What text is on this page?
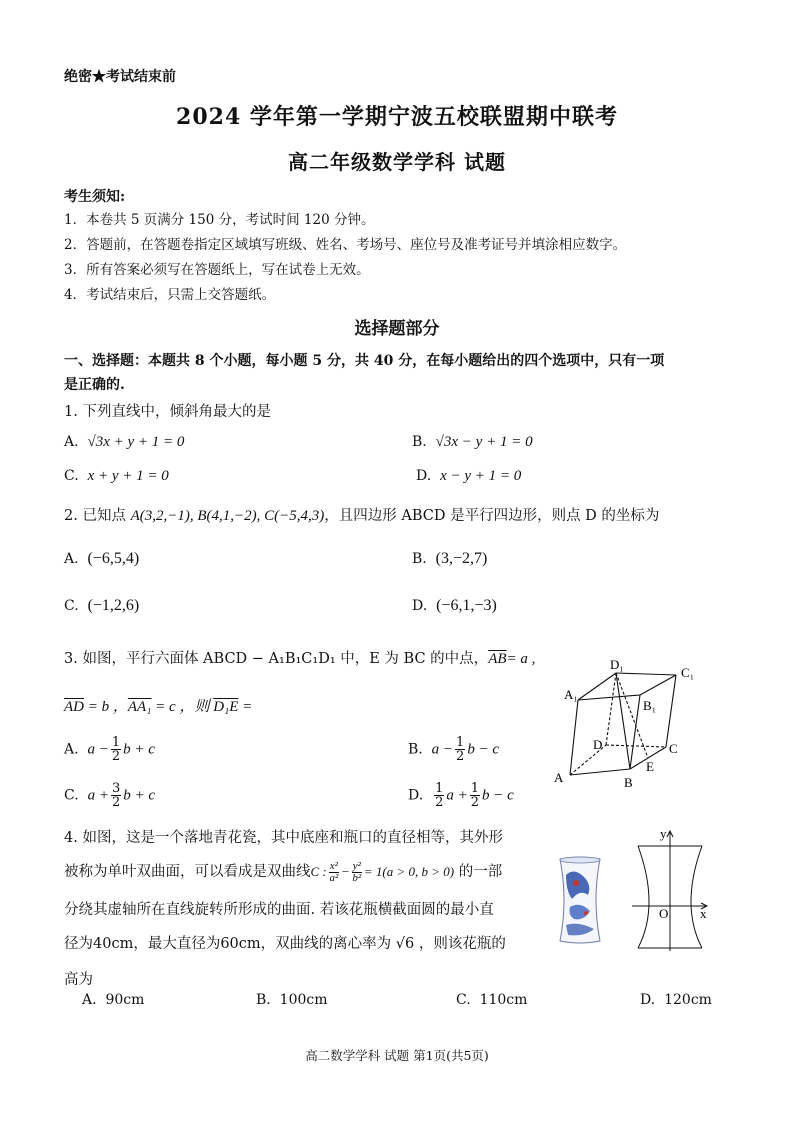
绝密★考试结束前
2024 学年第一学期宁波五校联盟期中联考
高二年级数学学科 试题
考生须知:
1．本卷共 5 页满分 150 分，考试时间 120 分钟。
2．答题前，在答题卷指定区域填写班级、姓名、考场号、座位号及准考证号并填涂相应数字。
3．所有答案必须写在答题纸上，写在试卷上无效。
4．考试结束后，只需上交答题纸。
选择题部分
一、选择题：本题共 8 个小题，每小题 5 分，共 40 分，在每小题给出的四个选项中，只有一项
是正确的.
1. 下列直线中，倾斜角最大的是
A. √3x + y + 1 = 0	B. √3x − y + 1 = 0
C. x + y + 1 = 0	D. x − y + 1 = 0
2. 已知点 A(3,2,−1), B(4,1,−2), C(−5,4,3)，且四边形 ABCD 是平行四边形，则点 D 的坐标为
A. (−6,5,4)	B. (3,−2,7)
C. (−1,2,6)	D. (−6,1,−3)
3. 如图，平行六面体 ABCD − A₁B₁C₁D₁ 中，E 为 BC 的中点，$\overline{AB}= a$ ,
$\overline{AD} = b$ ，AA₁ = c ，则 D₁E =
A. $a - \frac{1}{2}$ b + c	B. $a - \frac{1}{2}$ b − c
C. $a + \frac{3}{2}$ b + c	D. $\frac{1}{2}$ $a + \frac{1}{2}$ b − c
A	B
C
D
E
A₁
B₁
C₁
D₁
4. 如图，这是一个落地青花瓷，其中底座和瓶口的直径相等，其外形
被称为单叶双曲面，可以看成是双曲线C : $\frac{\text{x²}}{\text{a²}} - \frac{\text{y²}}{\text{b²}} = 1(a > 0$, b > 0) 的一部
分绕其虚轴所在直线旋转所形成的曲面. 若该花瓶横截面圆的最小直
径为40cm，最大直径为60cm，双曲线的离心率为 √6 ，则该花瓶的
高为
A. 90cm	B. 100cm	C. 110cm	D. 120cm
y
x
O
高二数学学科 试题 第1页(共5页)
